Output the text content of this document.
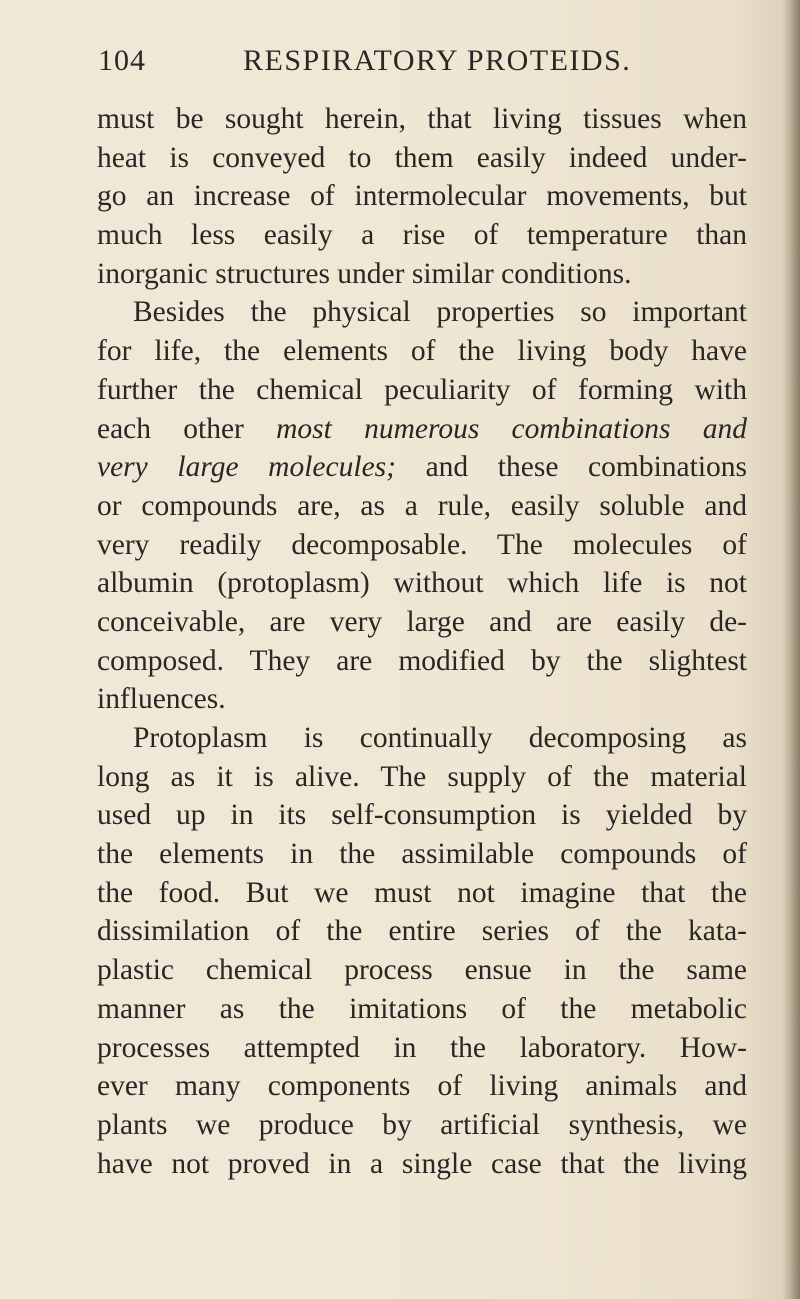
104	RESPIRATORY PROTEIDS.
must be sought herein, that living tissues when
heat is conveyed to them easily indeed under-
go an increase of intermolecular movements, but
much less easily a rise of temperature than
inorganic structures under similar conditions.
Besides the physical properties so important
for life, the elements of the living body have
further the chemical peculiarity of forming with
each other most numerous combinations and
very large molecules; and these combinations
or compounds are, as a rule, easily soluble and
very readily decomposable. The molecules of
albumin (protoplasm) without which life is not
conceivable, are very large and are easily de-
composed. They are modified by the slightest
influences.
Protoplasm is continually decomposing as
long as it is alive. The supply of the material
used up in its self-consumption is yielded by
the elements in the assimilable compounds of
the food. But we must not imagine that the
dissimilation of the entire series of the kata-
plastic chemical process ensue in the same
manner as the imitations of the metabolic
processes attempted in the laboratory. How-
ever many components of living animals and
plants we produce by artificial synthesis, we
have not proved in a single case that the living
